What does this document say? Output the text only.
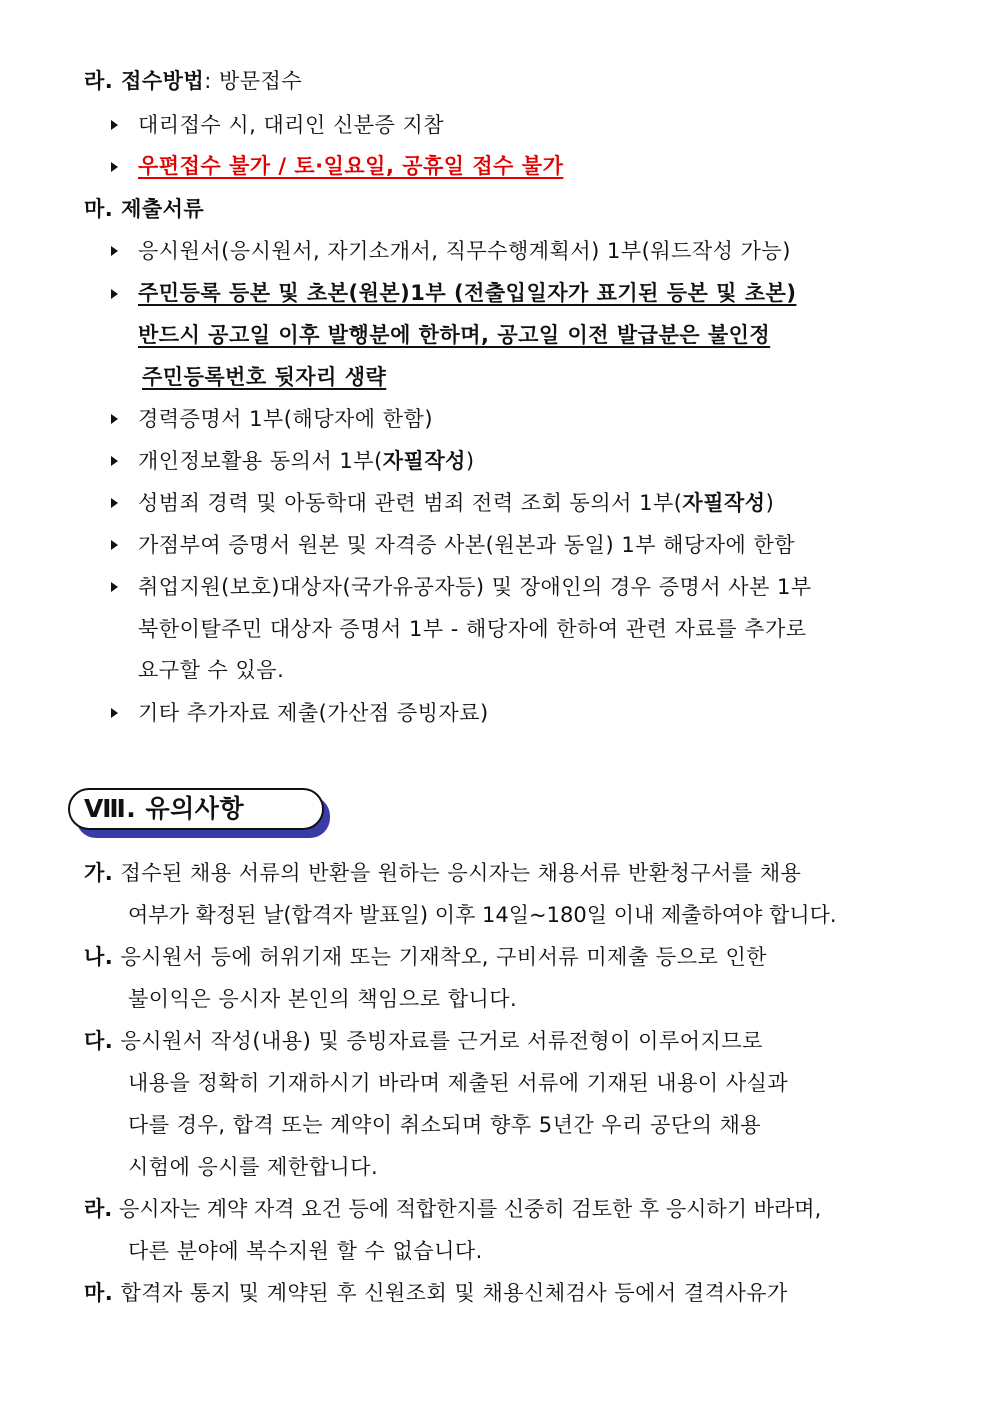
라. 접수방법: 방문접수
대리접수 시, 대리인 신분증 지참
우편접수 불가 / 토·일요일, 공휴일 접수 불가
마. 제출서류
응시원서(응시원서, 자기소개서, 직무수행계획서) 1부(워드작성 가능)
주민등록 등본 및 초본(원본)1부 (전출입일자가 표기된 등본 및 초본)
반드시 공고일 이후 발행분에 한하며, 공고일 이전 발급분은 불인정
주민등록번호 뒷자리 생략
경력증명서 1부(해당자에 한함)
개인정보활용 동의서 1부(자필작성)
성범죄 경력 및 아동학대 관련 범죄 전력 조회 동의서 1부(자필작성)
가점부여 증명서 원본 및 자격증 사본(원본과 동일) 1부 해당자에 한함
취업지원(보호)대상자(국가유공자등) 및 장애인의 경우 증명서 사본 1부
북한이탈주민 대상자 증명서 1부 - 해당자에 한하여 관련 자료를 추가로
요구할 수 있음.
기타 추가자료 제출(가산점 증빙자료)
Ⅷ. 유의사항
가. 접수된 채용 서류의 반환을 원하는 응시자는 채용서류 반환청구서를 채용
여부가 확정된 날(합격자 발표일) 이후 14일~180일 이내 제출하여야 합니다.
나. 응시원서 등에 허위기재 또는 기재착오, 구비서류 미제출 등으로 인한
불이익은 응시자 본인의 책임으로 합니다.
다. 응시원서 작성(내용) 및 증빙자료를 근거로 서류전형이 이루어지므로
내용을 정확히 기재하시기 바라며 제출된 서류에 기재된 내용이 사실과
다를 경우, 합격 또는 계약이 취소되며 향후 5년간 우리 공단의 채용
시험에 응시를 제한합니다.
라. 응시자는 계약 자격 요건 등에 적합한지를 신중히 검토한 후 응시하기 바라며,
다른 분야에 복수지원 할 수 없습니다.
마. 합격자 통지 및 계약된 후 신원조회 및 채용신체검사 등에서 결격사유가
